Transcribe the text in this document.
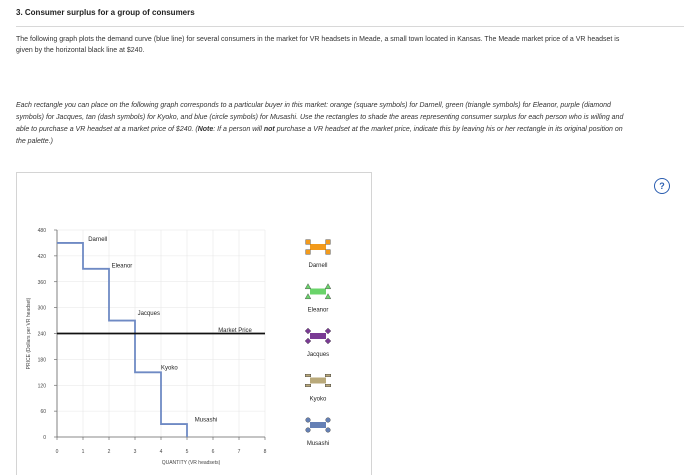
3. Consumer surplus for a group of consumers
The following graph plots the demand curve (blue line) for several consumers in the market for VR headsets in Meade, a small town located in Kansas. The Meade market price of a VR headset is given by the horizontal black line at $240.
Each rectangle you can place on the following graph corresponds to a particular buyer in this market: orange (square symbols) for Darnell, green (triangle symbols) for Eleanor, purple (diamond symbols) for Jacques, tan (dash symbols) for Kyoko, and blue (circle symbols) for Musashi. Use the rectangles to shade the areas representing consumer surplus for each person who is willing and able to purchase a VR headset at a market price of $240. (Note: If a person will not purchase a VR headset at the market price, indicate this by leaving his or her rectangle in its original position on the palette.)
?
0
60
120
180
240
300
360
420
480
0	1	2	3	4	5	6	7	8
QUANTITY (VR headsets)
PRICE (Dollars per VR headset)
Darnell
Eleanor
Jacques
Kyoko
Market Price
Musashi
Darnell
Eleanor
Jacques
Kyoko
Musashi
